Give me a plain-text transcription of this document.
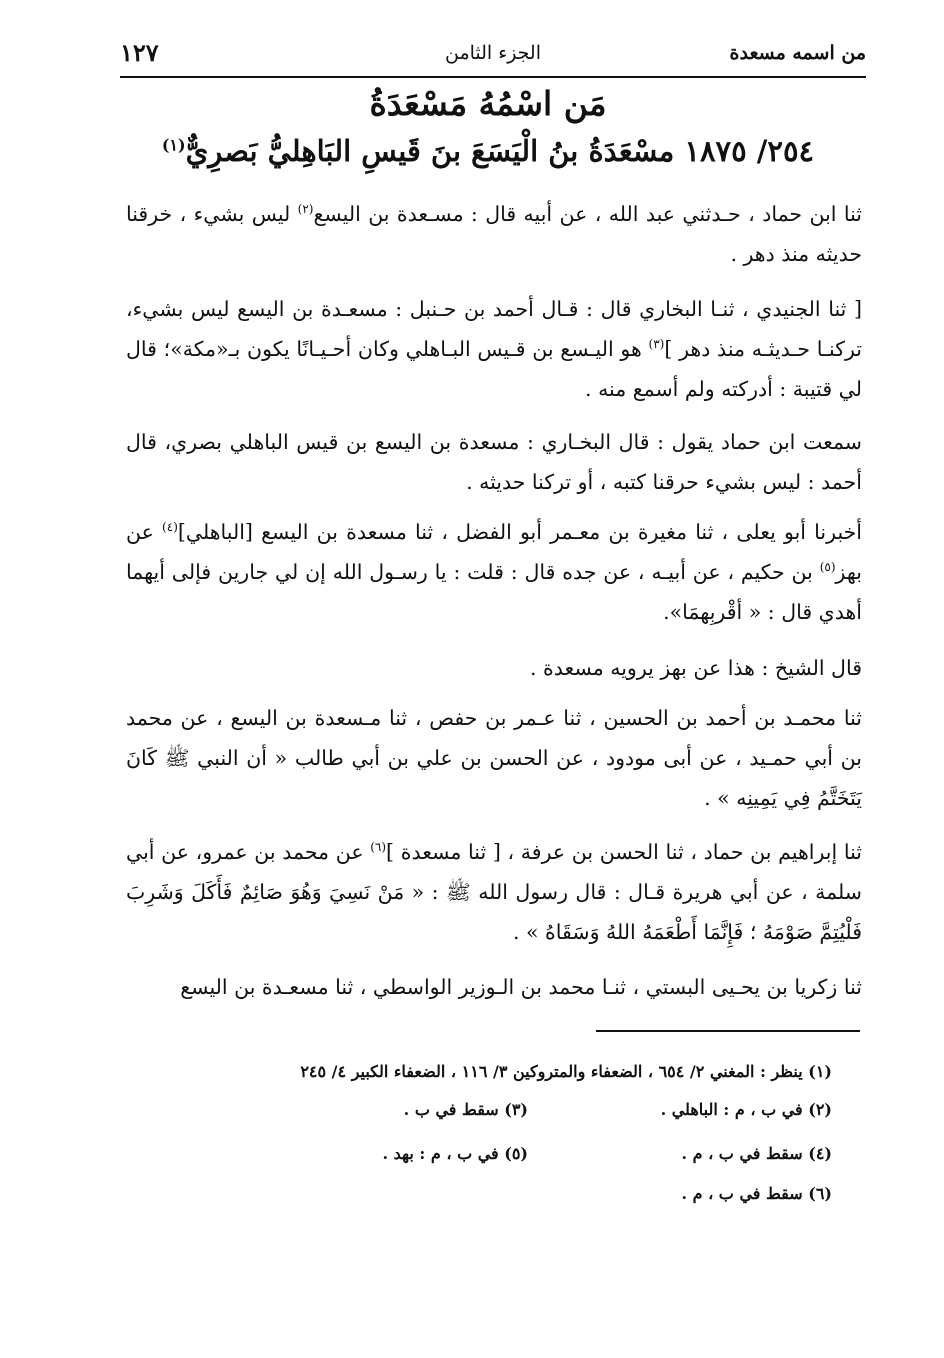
من اسمه مسعدة
الجزء الثامن
١٢٧
مَن اسْمُهُ مَسْعَدَةُ
٢٥٤/ ١٨٧٥ مسْعَدَةُ بنُ الْيَسَعَ بنَ قَيسِ البَاهِليُّ بَصرِيٌّ$^{(١)}$
ثنا ابن حماد ، حـدثني عبد الله ، عن أبيه قال : مسـعدة بن اليسع$^{(٢)}$ ليس بشيء ، خرقنا حديثه منذ دهر .
[ ثنا الجنيدي ، ثنـا البخاري قال : قـال أحمد بن حـنبل : مسعـدة بن اليسع ليس بشيء، تركنـا حـديثـه منذ دهر ]$^{(٣)}$ هو اليـسع بن قـيس البـاهلي وكان أحـيـانًا يكون بـ«مكة»؛ قال لي قتيبة : أدركته ولم أسمع منه .
سمعت ابن حماد يقول : قال البخـاري : مسعدة بن اليسع بن قيس الباهلي بصري، قال أحمد : ليس بشيء حرقنا كتبه ، أو تركنا حديثه .
أخبرنا أبو يعلى ، ثنا مغيرة بن معـمر أبو الفضل ، ثنا مسعدة بن اليسع [الباهلي]$^{(٤)}$ عن بهز$^{(٥)}$ بن حكيم ، عن أبيـه ، عن جده قال : قلت : يا رسـول الله إن لي جارين فإلى أيهما أهدي قال : « أقْربِهمَا».
قال الشيخ : هذا عن بهز يرويه مسعدة .
ثنا محمـد بن أحمد بن الحسين ، ثنا عـمر بن حفص ، ثنا مـسعدة بن اليسع ، عن محمد بن أبي حمـيد ، عن أبى مودود ، عن الحسن بن علي بن أبي طالب « أن النبي ﷺ كَانَ يَتَخَتَّمُ فِي يَمِينِه » .
ثنا إبراهيم بن حماد ، ثنا الحسن بن عرفة ، [ ثنا مسعدة ]$^{(٦)}$ عن محمد بن عمرو، عن أبي سلمة ، عن أبي هريرة قـال : قال رسول الله ﷺ : « مَنْ نَسِيَ وَهُوَ صَائِمٌ فَأَكَلَ وَشَرِبَ فَلْيُتِمَّ صَوْمَهُ ؛ فَإِنَّمَا أَطْعَمَهُ اللهُ وَسَقَاهُ » .
ثنا زكريا بن يحـيى البستي ، ثنـا محمد بن الـوزير الواسطي ، ثنا مسعـدة بن اليسع
(١) ينظر : المغني ٢/ ٦٥٤ ، الضعفاء والمتروكين ٣/ ١١٦ ، الضعفاء الكبير ٤/ ٢٤٥
(٢) في ب ، م : الباهلي .
(٣) سقط في ب .
(٤) سقط في ب ، م .
(٥) في ب ، م : بهد .
(٦) سقط في ب ، م .
